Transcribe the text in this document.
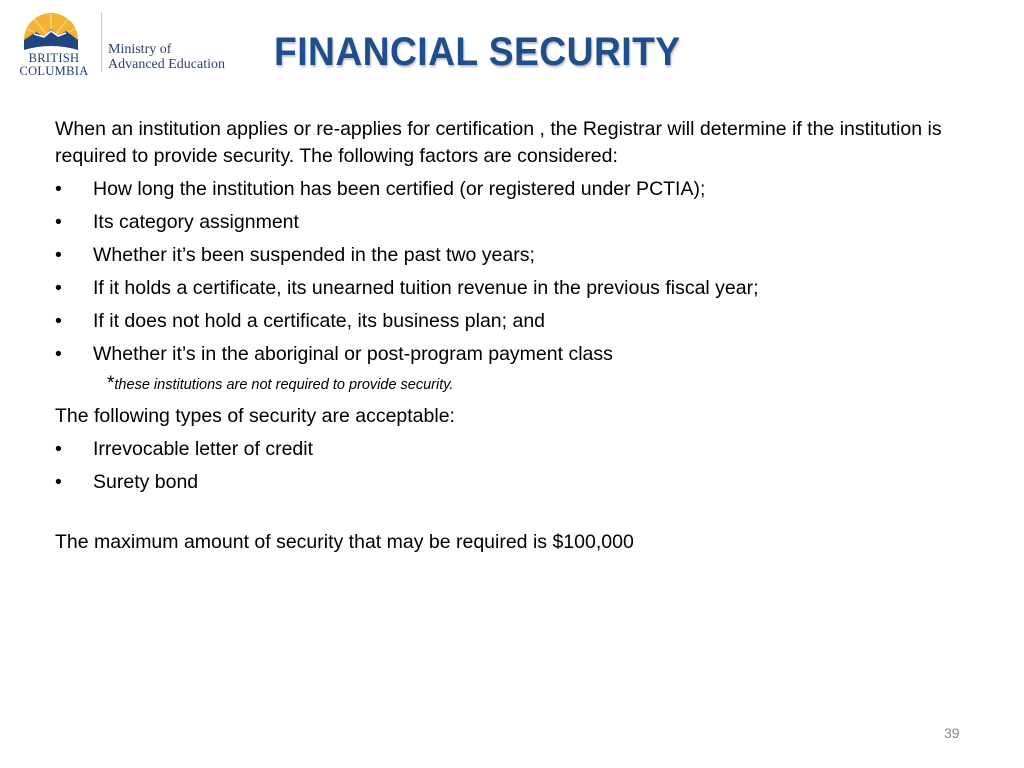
BRITISH
COLUMBIA
Ministry of
Advanced Education FINANCIAL SECURITY

When an institution applies or re-applies for certification , the Registrar will determine if the institution is required to provide security. The following factors are considered:

• How long the institution has been certified (or registered under PCTIA);
• Its category assignment
• Whether it’s been suspended in the past two years;
• If it holds a certificate, its unearned tuition revenue in the previous fiscal year;
• If it does not hold a certificate, its business plan; and
• Whether it’s in the aboriginal or post-program payment class
*these institutions are not required to provide security.

The following types of security are acceptable:

• Irrevocable letter of credit
• Surety bond

The maximum amount of security that may be required is $100,000

39
